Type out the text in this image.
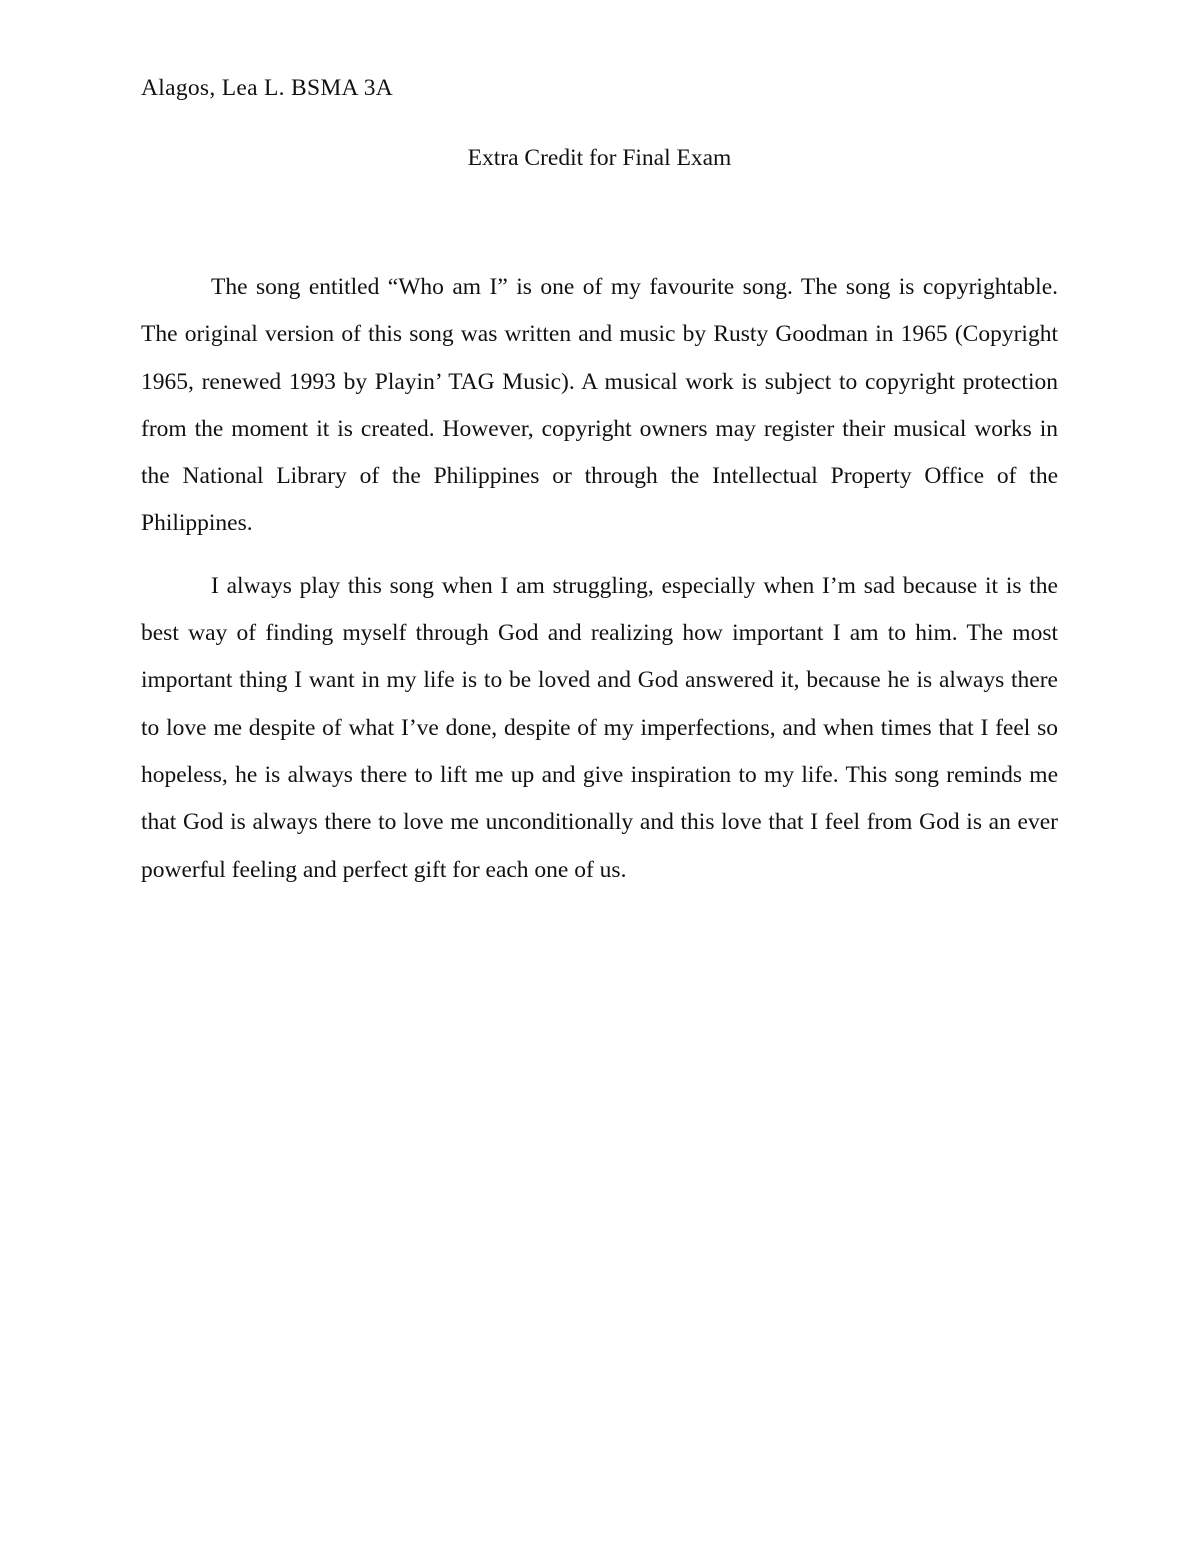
Alagos, Lea L. BSMA 3A

Extra Credit for Final Exam

The song entitled “Who am I” is one of my favourite song. The song is copyrightable. The original version of this song was written and music by Rusty Goodman in 1965 (Copyright 1965, renewed 1993 by Playin’ TAG Music). A musical work is subject to copyright protection from the moment it is created. However, copyright owners may register their musical works in the National Library of the Philippines or through the Intellectual Property Office of the Philippines.

I always play this song when I am struggling, especially when I’m sad because it is the best way of finding myself through God and realizing how important I am to him. The most important thing I want in my life is to be loved and God answered it, because he is always there to love me despite of what I’ve done, despite of my imperfections, and when times that I feel so hopeless, he is always there to lift me up and give inspiration to my life. This song reminds me that God is always there to love me unconditionally and this love that I feel from God is an ever powerful feeling and perfect gift for each one of us.
